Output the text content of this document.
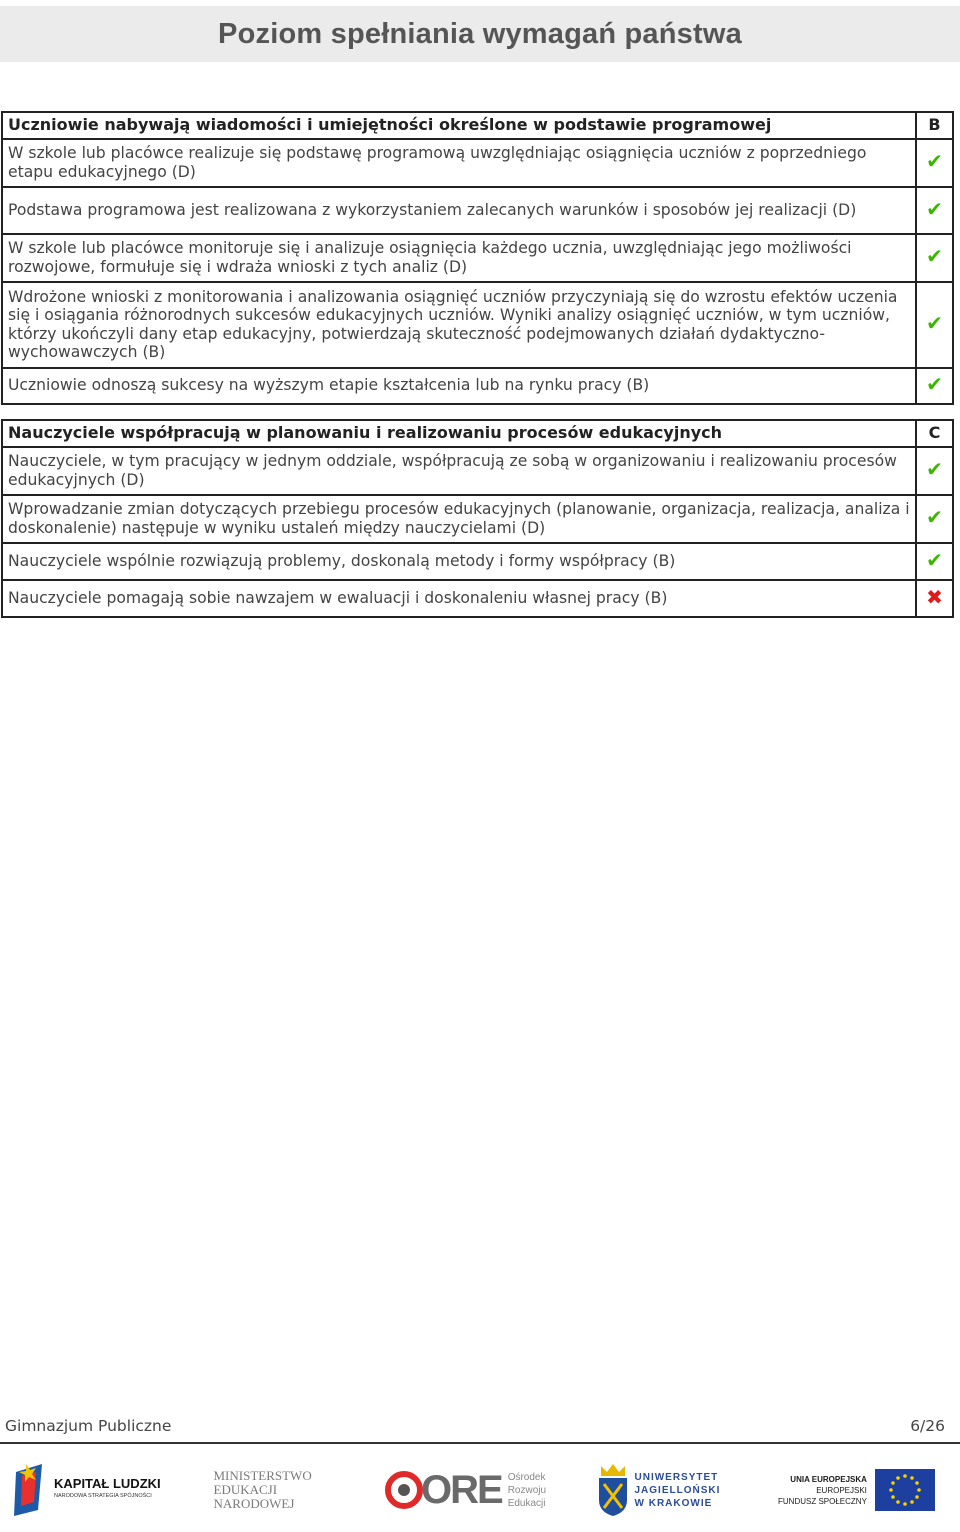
Poziom spełniania wymagań państwa
Uczniowie nabywają wiadomości i umiejętności określone w podstawie programowej	B
W szkole lub placówce realizuje się podstawę programową uwzględniając osiągnięcia uczniów z poprzedniego etapu edukacyjnego (D)	✔
Podstawa programowa jest realizowana z wykorzystaniem zalecanych warunków i sposobów jej realizacji (D)	✔
W szkole lub placówce monitoruje się i analizuje osiągnięcia każdego ucznia, uwzględniając jego możliwości rozwojowe, formułuje się i wdraża wnioski z tych analiz (D)	✔
Wdrożone wnioski z monitorowania i analizowania osiągnięć uczniów przyczyniają się do wzrostu efektów uczenia się i osiągania różnorodnych sukcesów edukacyjnych uczniów. Wyniki analizy osiągnięć uczniów, w tym uczniów, którzy ukończyli dany etap edukacyjny, potwierdzają skuteczność podejmowanych działań dydaktyczno-wychowawczych (B)	✔
Uczniowie odnoszą sukcesy na wyższym etapie kształcenia lub na rynku pracy (B)	✔
Nauczyciele współpracują w planowaniu i realizowaniu procesów edukacyjnych	C
Nauczyciele, w tym pracujący w jednym oddziale, współpracują ze sobą w organizowaniu i realizowaniu procesów edukacyjnych (D)	✔
Wprowadzanie zmian dotyczących przebiegu procesów edukacyjnych (planowanie, organizacja, realizacja, analiza i doskonalenie) następuje w wyniku ustaleń między nauczycielami (D)	✔
Nauczyciele wspólnie rozwiązują problemy, doskonalą metody i formy współpracy (B)	✔
Nauczyciele pomagają sobie nawzajem w ewaluacji i doskonaleniu własnej pracy (B)	✖
Gimnazjum Publiczne	6/26
KAPITAŁ LUDZKI
NARODOWA STRATEGIA SPÓJNOŚCI
MINISTERSTWO
EDUKACJI
NARODOWEJ	ORE Ośrodek
Rozwoju
Edukacji
UNIWERSYTET
JAGIELLOŃSKI
W KRAKOWIE
UNIA EUROPEJSKA
EUROPEJSKI
FUNDUSZ SPOŁECZNY
